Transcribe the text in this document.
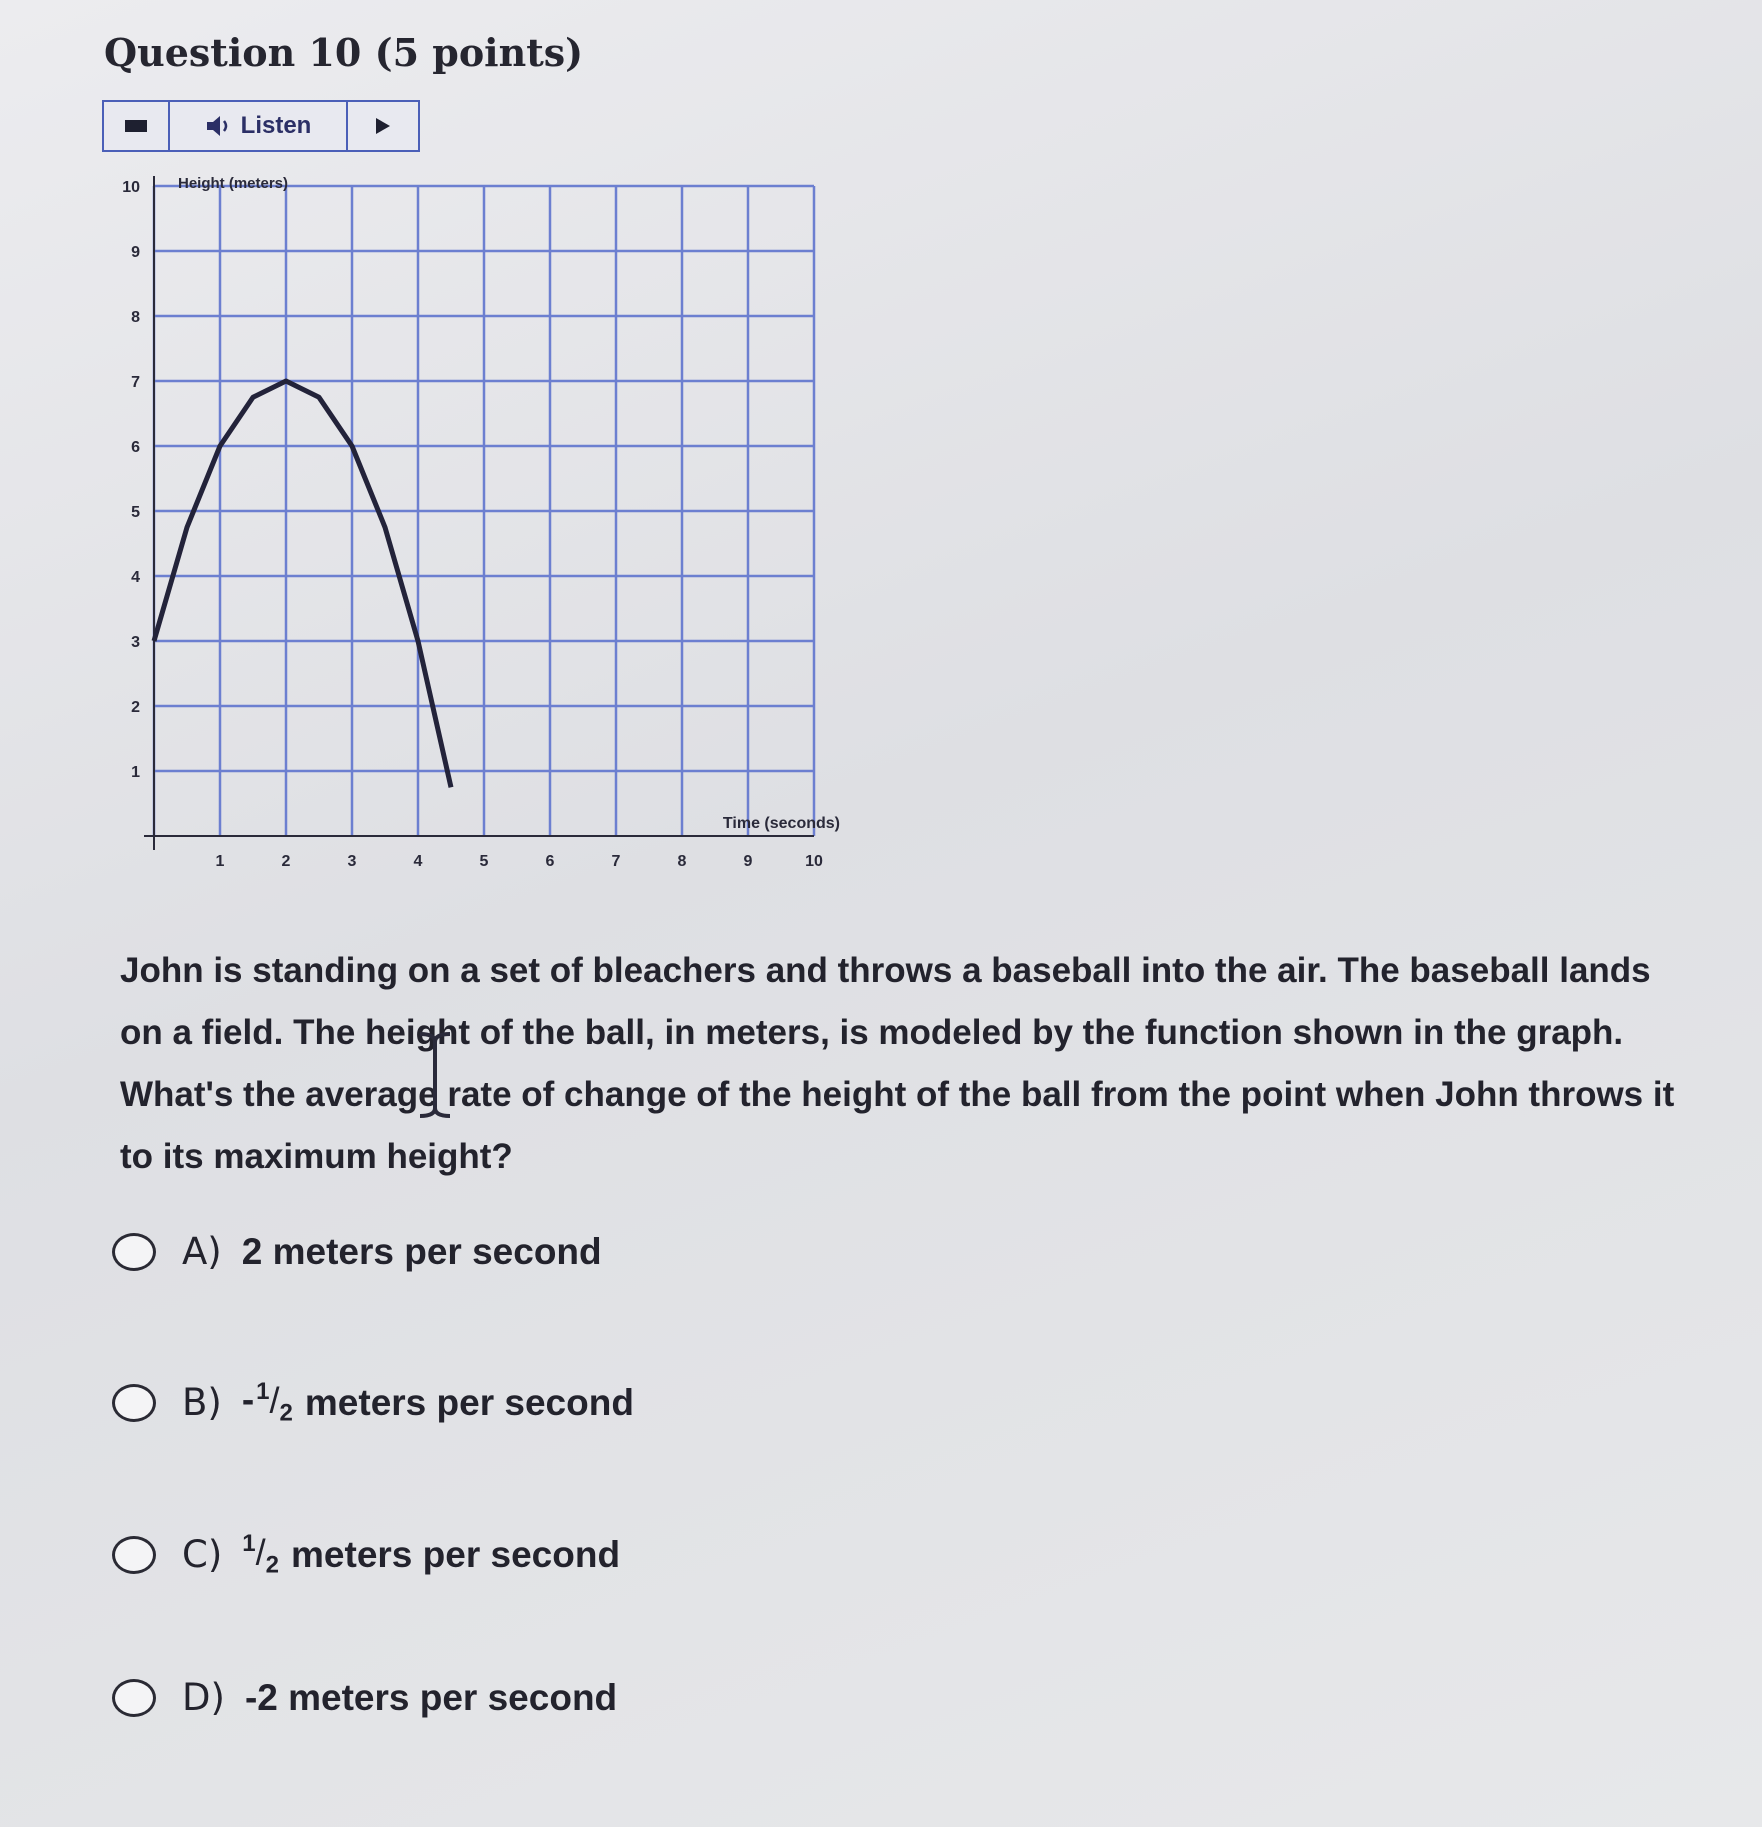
Question 10 (5 points)
Listen
1	2	3	4	5	6	7	8	9	10
1
2
3
4
5
6
7
8
9
10	Height (meters)
Time (seconds)
John is standing on a set of bleachers and throws a baseball into the air. The baseball lands on a field. The height of the ball, in meters, is modeled by the function shown in the graph. What's the average rate of change of the height of the ball from the point when John throws it to its maximum height?
A) 2 meters per second
B) $-^1/_2$ meters per second
C) $^1/_2$ meters per second
D) -2 meters per second
